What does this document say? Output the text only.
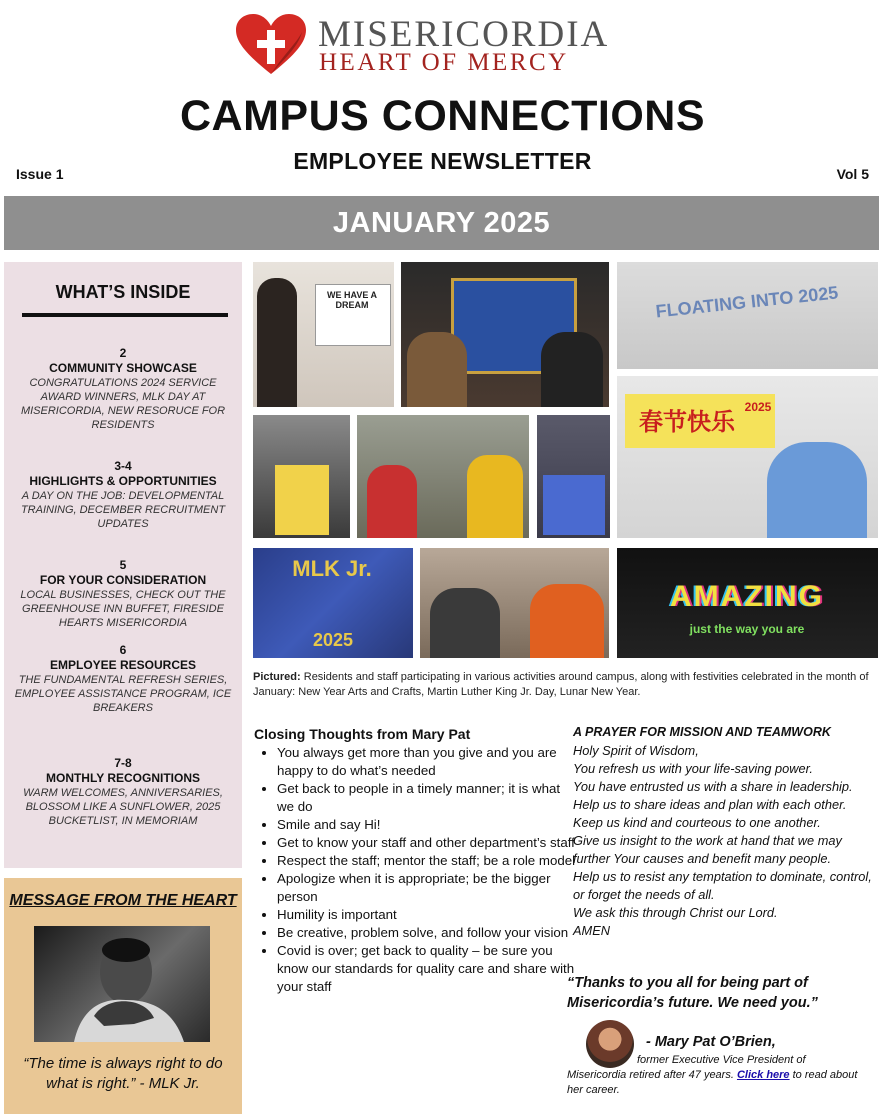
MISERICORDIA
HEART OF MERCY
CAMPUS CONNECTIONS
EMPLOYEE NEWSLETTER
Issue 1	Vol 5
JANUARY 2025
WHAT’S INSIDE
2
COMMUNITY SHOWCASE
CONGRATULATIONS 2024 SERVICE AWARD WINNERS, MLK DAY AT MISERICORDIA, NEW RESORUCE FOR RESIDENTS
3-4
HIGHLIGHTS & OPPORTUNITIES
A DAY ON THE JOB: DEVELOPMENTAL TRAINING, DECEMBER RECRUITMENT UPDATES
5
FOR YOUR CONSIDERATION
LOCAL BUSINESSES, CHECK OUT THE GREENHOUSE INN BUFFET, FIRESIDE HEARTS MISERICORDIA
6
EMPLOYEE RESOURCES
THE FUNDAMENTAL REFRESH SERIES, EMPLOYEE ASSISTANCE PROGRAM, ICE BREAKERS
7-8
MONTHLY RECOGNITIONS
WARM WELCOMES, ANNIVERSARIES, BLOSSOM LIKE A SUNFLOWER, 2025 BUCKETLIST, IN MEMORIAM
MESSAGE FROM THE HEART
“The time is always right to do what is right.” - MLK Jr.
WE HAVE A DREAM	FLOATING INTO 2025
春节快乐
2025
MLK Jr.
2025
AMAZING
just the way you are
Pictured: Residents and staff participating in various activities around campus, along with festivities celebrated in the month of January: New Year Arts and Crafts, Martin Luther King Jr. Day, Lunar New Year.
Closing Thoughts from Mary Pat
• You always get more than you give and you are happy to do what’s needed
• Get back to people in a timely manner; it is what we do
• Smile and say Hi!
• Get to know your staff and other department’s staff
• Respect the staff; mentor the staff; be a role model
• Apologize when it is appropriate; be the bigger person
• Humility is important
• Be creative, problem solve, and follow your vision
• Covid is over; get back to quality – be sure you know our standards for quality care and share with your staff
A PRAYER FOR MISSION AND TEAMWORK
Holy Spirit of Wisdom,
You refresh us with your life-saving power.
You have entrusted us with a share in leadership.
Help us to share ideas and plan with each other.
Keep us kind and courteous to one another.
Give us insight to the work at hand that we may further Your causes and benefit many people.
Help us to resist any temptation to dominate, control, or forget the needs of all.
We ask this through Christ our Lord.
AMEN
“Thanks to you all for being part of Misericordia’s future. We need you.”
- Mary Pat O’Brien,
former Executive Vice President of Misericordia retired after 47 years. Click here to read about her career.
